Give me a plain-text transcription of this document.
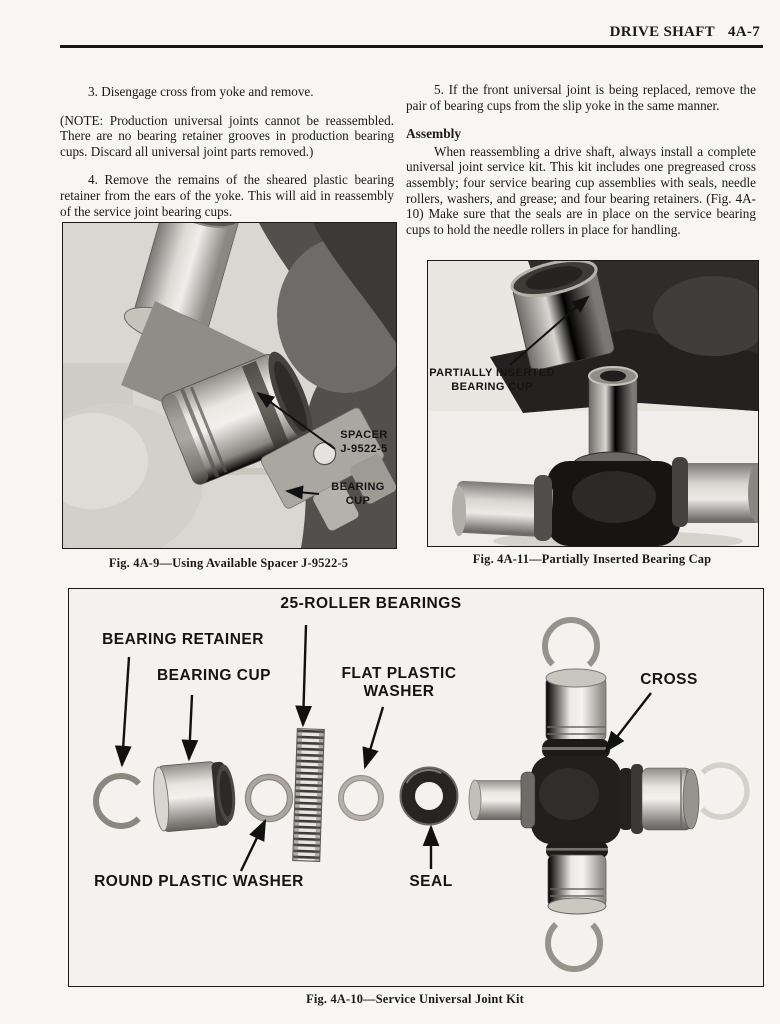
DRIVE SHAFT 4A-7

3. Disengage cross from yoke and remove.

(NOTE: Production universal joints cannot be reassembled. There are no bearing retainer grooves in production bearing cups. Discard all universal joint parts removed.)

4. Remove the remains of the sheared plastic bearing retainer from the ears of the yoke. This will aid in reassembly of the service joint bearing cups.

5. If the front universal joint is being replaced, remove the pair of bearing cups from the slip yoke in the same manner.

Assembly

When reassembling a drive shaft, always install a complete universal joint service kit. This kit includes one pregreased cross assembly; four service bearing cup assemblies with seals, needle rollers, washers, and grease; and four bearing retainers. (Fig. 4A-10) Make sure that the seals are in place on the service bearing cups to hold the needle rollers in place for handling.

SPACER
J-9522-5
BEARING
CUP
Fig. 4A-9—Using Available Spacer J-9522-5
PARTIALLY INSERTED
BEARING CUP
Fig. 4A-11—Partially Inserted Bearing Cap
25-ROLLER BEARINGS
BEARING RETAINER
BEARING CUP	FLAT PLASTIC
WASHER
CROSS
ROUND PLASTIC WASHER	SEAL
Fig. 4A-10—Service Universal Joint Kit
